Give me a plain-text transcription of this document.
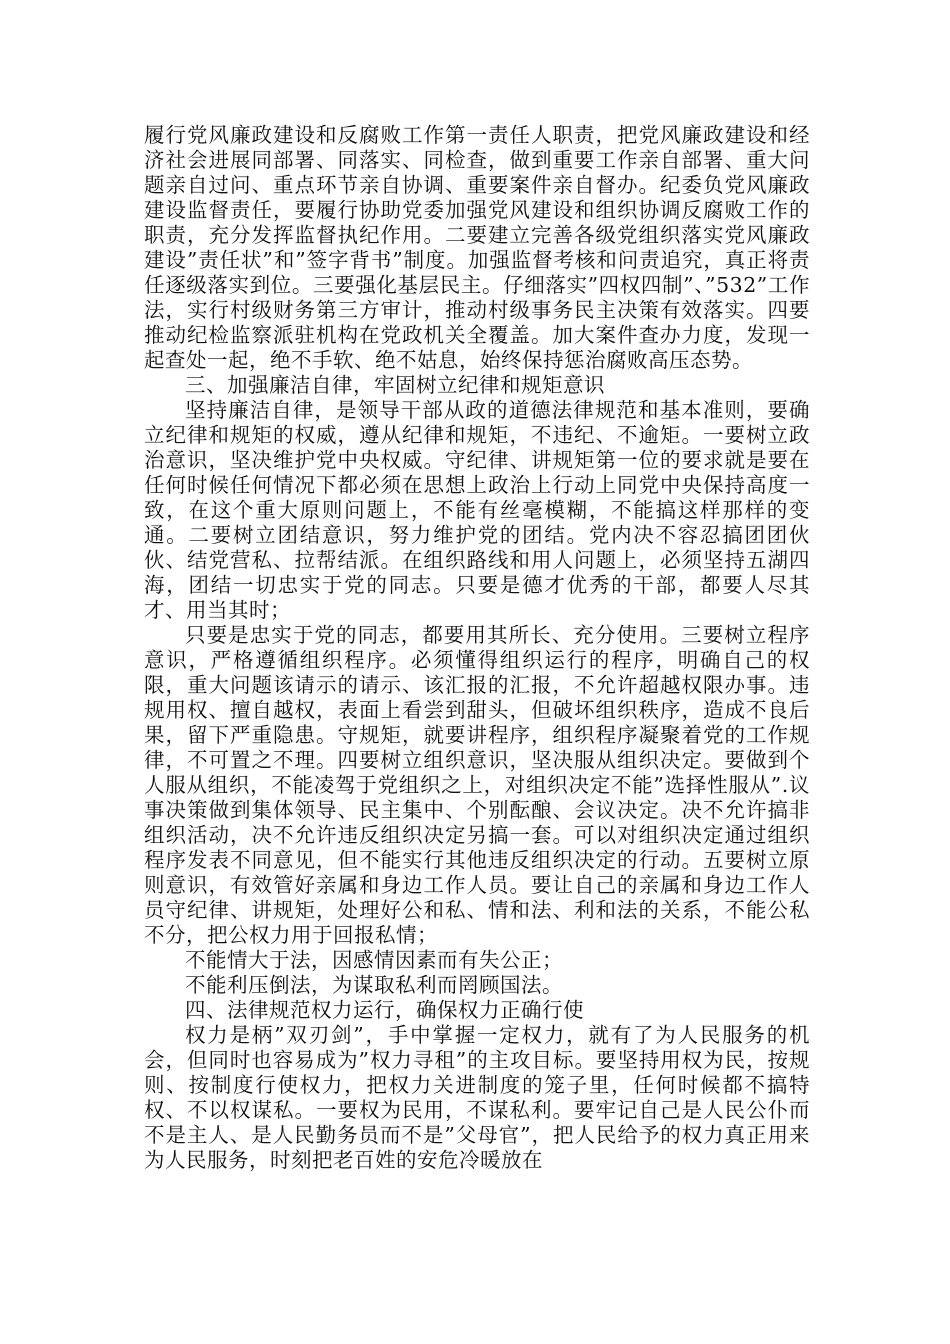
履行党风廉政建设和反腐败工作第一责任人职责，把党风廉政建设和经济社会进展同部署、同落实、同检查，做到重要工作亲自部署、重大问题亲自过问、重点环节亲自协调、重要案件亲自督办。纪委负党风廉政建设监督责任，要履行协助党委加强党风建设和组织协调反腐败工作的职责，充分发挥监督执纪作用。二要建立完善各级党组织落实党风廉政建设”责任状”和”签字背书”制度。加强监督考核和问责追究，真正将责任逐级落实到位。三要强化基层民主。仔细落实”四权四制”、”532”工作法，实行村级财务第三方审计，推动村级事务民主决策有效落实。四要推动纪检监察派驻机构在党政机关全覆盖。加大案件查办力度，发现一起查处一起，绝不手软、绝不姑息，始终保持惩治腐败高压态势。

三、加强廉洁自律，牢固树立纪律和规矩意识

坚持廉洁自律，是领导干部从政的道德法律规范和基本准则，要确立纪律和规矩的权威，遵从纪律和规矩，不违纪、不逾矩。一要树立政治意识，坚决维护党中央权威。守纪律、讲规矩第一位的要求就是要在任何时候任何情况下都必须在思想上政治上行动上同党中央保持高度一致，在这个重大原则问题上，不能有丝毫模糊，不能搞这样那样的变通。二要树立团结意识，努力维护党的团结。党内决不容忍搞团团伙伙、结党营私、拉帮结派。在组织路线和用人问题上，必须坚持五湖四海，团结一切忠实于党的同志。只要是德才优秀的干部，都要人尽其才、用当其时；

只要是忠实于党的同志，都要用其所长、充分使用。三要树立程序意识，严格遵循组织程序。必须懂得组织运行的程序，明确自己的权限，重大问题该请示的请示、该汇报的汇报，不允许超越权限办事。违规用权、擅自越权，表面上看尝到甜头，但破坏组织秩序，造成不良后果，留下严重隐患。守规矩，就要讲程序，组织程序凝聚着党的工作规律，不可置之不理。四要树立组织意识，坚决服从组织决定。要做到个人服从组织，不能凌驾于党组织之上，对组织决定不能”选择性服从”.议事决策做到集体领导、民主集中、个别酝酿、会议决定。决不允许搞非组织活动，决不允许违反组织决定另搞一套。可以对组织决定通过组织程序发表不同意见，但不能实行其他违反组织决定的行动。五要树立原则意识，有效管好亲属和身边工作人员。要让自己的亲属和身边工作人员守纪律、讲规矩，处理好公和私、情和法、利和法的关系，不能公私不分，把公权力用于回报私情；

不能情大于法，因感情因素而有失公正；

不能利压倒法，为谋取私利而罔顾国法。

四、法律规范权力运行，确保权力正确行使

权力是柄”双刃剑”，手中掌握一定权力，就有了为人民服务的机会，但同时也容易成为”权力寻租”的主攻目标。要坚持用权为民，按规则、按制度行使权力，把权力关进制度的笼子里，任何时候都不搞特权、不以权谋私。一要权为民用，不谋私利。要牢记自己是人民公仆而不是主人、是人民勤务员而不是”父母官”，把人民给予的权力真正用来为人民服务，时刻把老百姓的安危冷暖放在
